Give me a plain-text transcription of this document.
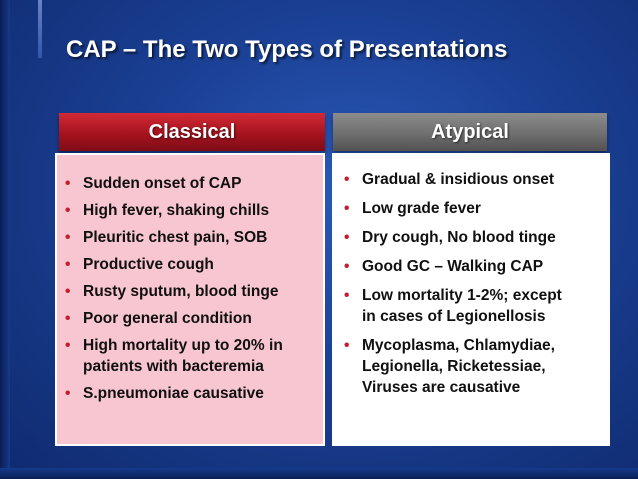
CAP – The Two Types of Presentations
Classical	Atypical
• Sudden onset of CAP
• High fever, shaking chills
• Pleuritic chest pain, SOB
• Productive cough
• Rusty sputum, blood tinge
• Poor general condition
• High mortality up to 20% in
patients with bacteremia
• S.pneumoniae causative
• Gradual & insidious onset
• Low grade fever
• Dry cough, No blood tinge
• Good GC – Walking CAP
• Low mortality 1-2%; except
in cases of Legionellosis
• Mycoplasma, Chlamydiae,
Legionella, Ricketessiae,
Viruses are causative
